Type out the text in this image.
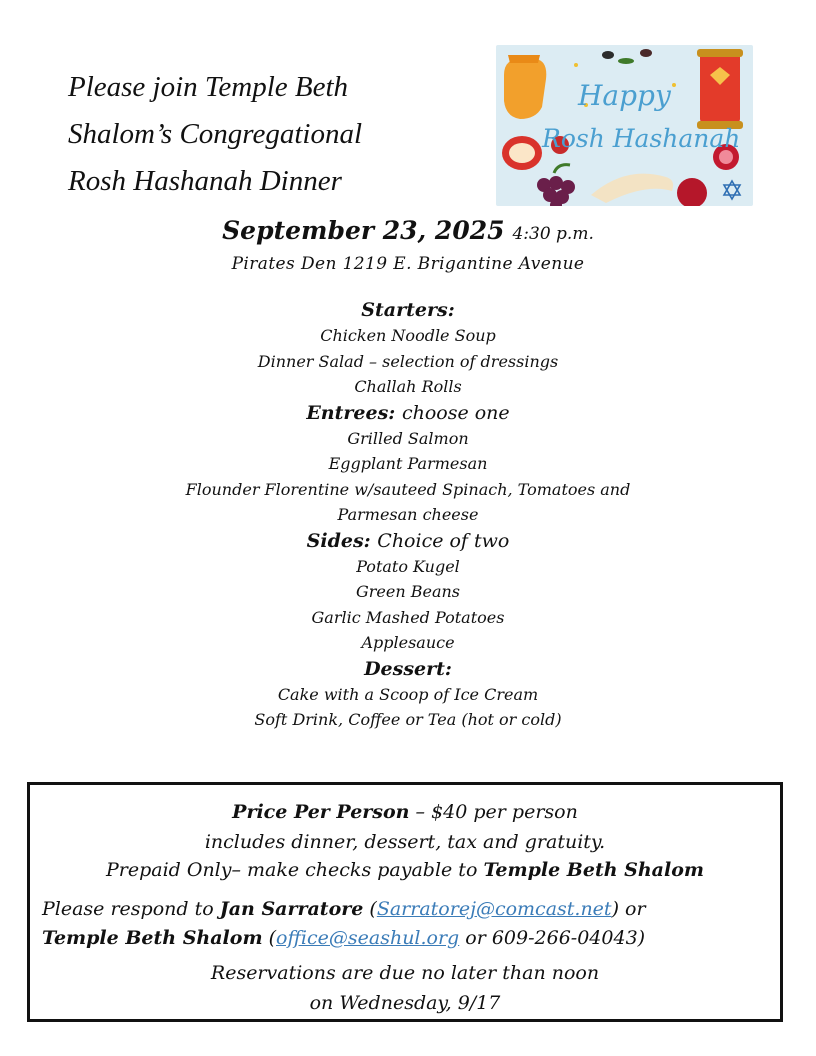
Please join Temple Beth
Shalom’s Congregational
Rosh Hashanah Dinner
Happy
Rosh Hashanah
September 23, 2025 4:30 p.m.
Pirates Den 1219 E. Brigantine Avenue
Starters:
Chicken Noodle Soup
Dinner Salad – selection of dressings
Challah Rolls
Entrees: choose one
Grilled Salmon
Eggplant Parmesan
Flounder Florentine w/sauteed Spinach, Tomatoes and
Parmesan cheese
Sides: Choice of two
Potato Kugel
Green Beans
Garlic Mashed Potatoes
Applesauce
Dessert:
Cake with a Scoop of Ice Cream
Soft Drink, Coffee or Tea (hot or cold)
Price Per Person – $40 per person
includes dinner, dessert, tax and gratuity.
Prepaid Only– make checks payable to Temple Beth Shalom
Please respond to Jan Sarratore (Sarratorej@comcast.net) or
Temple Beth Shalom (office@seashul.org or 609-266-04043)
Reservations are due no later than noon
on Wednesday, 9/17
